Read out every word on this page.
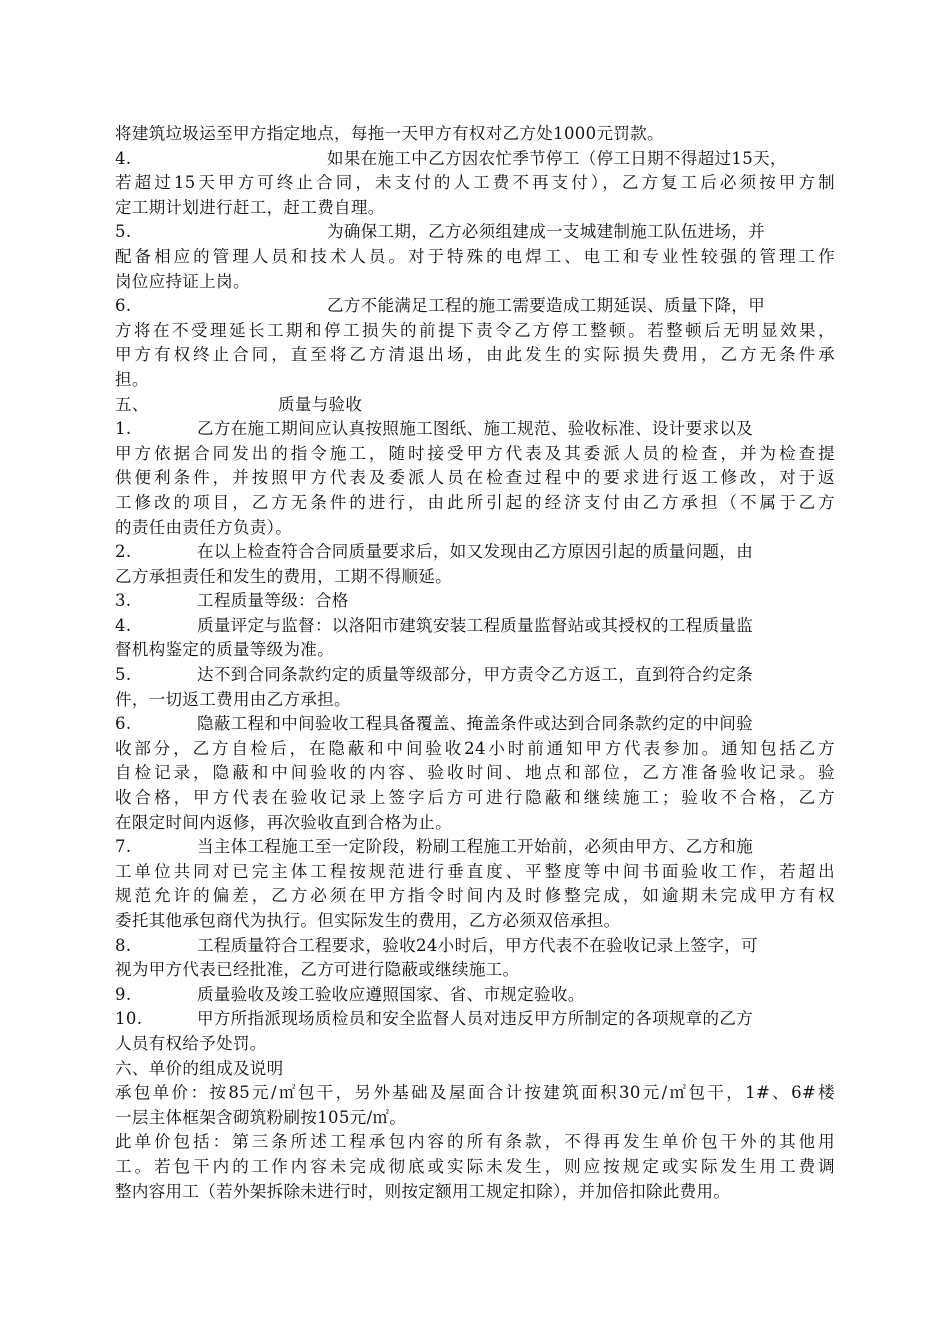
将建筑垃圾运至甲方指定地点，每拖一天甲方有权对乙方处1000元罚款。
4.	如果在施工中乙方因农忙季节停工（停工日期不得超过15天，
若超过15天甲方可终止合同，未支付的人工费不再支付），乙方复工后必须按甲方制
定工期计划进行赶工，赶工费自理。
5.	为确保工期，乙方必须组建成一支城建制施工队伍进场，并
配备相应的管理人员和技术人员。对于特殊的电焊工、电工和专业性较强的管理工作
岗位应持证上岗。
6.	乙方不能满足工程的施工需要造成工期延误、质量下降，甲
方将在不受理延长工期和停工损失的前提下责令乙方停工整顿。若整顿后无明显效果，
甲方有权终止合同，直至将乙方清退出场，由此发生的实际损失费用，乙方无条件承
担。
五、	质量与验收
1.	乙方在施工期间应认真按照施工图纸、施工规范、验收标准、设计要求以及
甲方依据合同发出的指令施工，随时接受甲方代表及其委派人员的检查，并为检查提
供便利条件，并按照甲方代表及委派人员在检查过程中的要求进行返工修改，对于返
工修改的项目，乙方无条件的进行，由此所引起的经济支付由乙方承担（不属于乙方
的责任由责任方负责）。
2.	在以上检查符合合同质量要求后，如又发现由乙方原因引起的质量问题，由
乙方承担责任和发生的费用，工期不得顺延。
3.	工程质量等级：合格
4.	质量评定与监督：以洛阳市建筑安装工程质量监督站或其授权的工程质量监
督机构鉴定的质量等级为准。
5.	达不到合同条款约定的质量等级部分，甲方责令乙方返工，直到符合约定条
件，一切返工费用由乙方承担。
6.	隐蔽工程和中间验收工程具备覆盖、掩盖条件或达到合同条款约定的中间验
收部分，乙方自检后，在隐蔽和中间验收24小时前通知甲方代表参加。通知包括乙方
自检记录，隐蔽和中间验收的内容、验收时间、地点和部位，乙方准备验收记录。验
收合格，甲方代表在验收记录上签字后方可进行隐蔽和继续施工；验收不合格，乙方
在限定时间内返修，再次验收直到合格为止。
7.	当主体工程施工至一定阶段，粉刷工程施工开始前，必须由甲方、乙方和施
工单位共同对已完主体工程按规范进行垂直度、平整度等中间书面验收工作，若超出
规范允许的偏差，乙方必须在甲方指令时间内及时修整完成，如逾期未完成甲方有权
委托其他承包商代为执行。但实际发生的费用，乙方必须双倍承担。
8.	工程质量符合工程要求，验收24小时后，甲方代表不在验收记录上签字，可
视为甲方代表已经批准，乙方可进行隐蔽或继续施工。
9.	质量验收及竣工验收应遵照国家、省、市规定验收。
10.	甲方所指派现场质检员和安全监督人员对违反甲方所制定的各项规章的乙方
人员有权给予处罚。
六、单价的组成及说明
承包单价：按85元/㎡包干，另外基础及屋面合计按建筑面积30元/㎡包干，1#、6#楼
一层主体框架含砌筑粉刷按105元/㎡。
此单价包括：第三条所述工程承包内容的所有条款，不得再发生单价包干外的其他用
工。若包干内的工作内容未完成彻底或实际未发生，则应按规定或实际发生用工费调
整内容用工（若外架拆除未进行时，则按定额用工规定扣除），并加倍扣除此费用。
